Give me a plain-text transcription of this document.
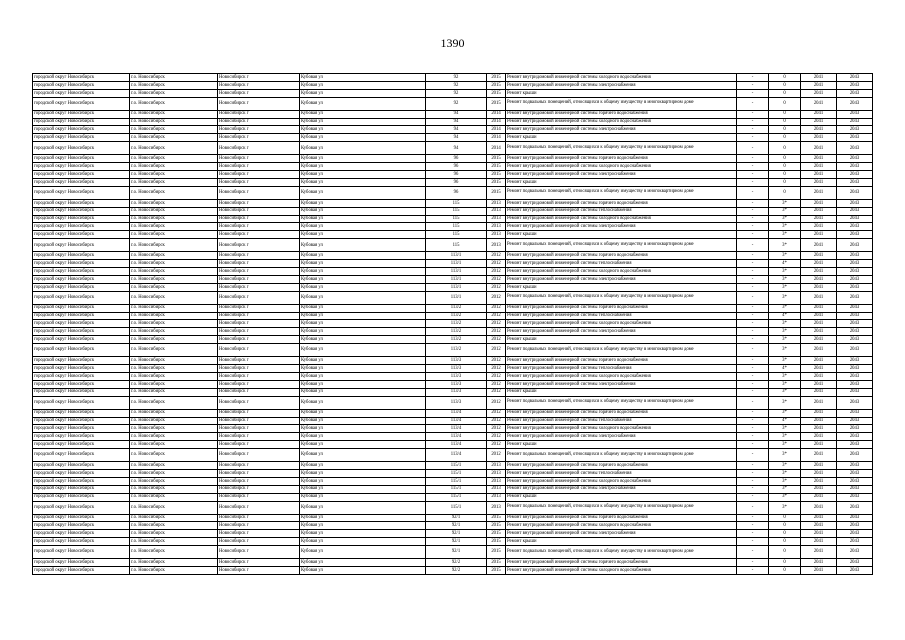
1390
городской округ Новосибирск	г.о. Новосибирск	Новосибирск г	Кубовая ул	92	2015	Ремонт внутридомовой инженерной системы холодного водоснабжения	-	0	2041	2043
городской округ Новосибирск	г.о. Новосибирск	Новосибирск г	Кубовая ул	92	2015	Ремонт внутридомовой инженерной системы электроснабжения	-	0	2041	2043
городской округ Новосибирск	г.о. Новосибирск	Новосибирск г	Кубовая ул	92	2015	Ремонт крыши	-	0	2041	2043
городской округ Новосибирск	г.о. Новосибирск	Новосибирск г	Кубовая ул	92	2015	Ремонт подвальных помещений, относящихся к общему имуществу в многоквартирном доме	-	0	2041	2043
городской округ Новосибирск	г.о. Новосибирск	Новосибирск г	Кубовая ул	94	2014	Ремонт внутридомовой инженерной системы горячего водоснабжения	-	0	2041	2043
городской округ Новосибирск	г.о. Новосибирск	Новосибирск г	Кубовая ул	94	2014	Ремонт внутридомовой инженерной системы холодного водоснабжения	-	0	2041	2043
городской округ Новосибирск	г.о. Новосибирск	Новосибирск г	Кубовая ул	94	2014	Ремонт внутридомовой инженерной системы электроснабжения	-	0	2041	2043
городской округ Новосибирск	г.о. Новосибирск	Новосибирск г	Кубовая ул	94	2014	Ремонт крыши	-	0	2041	2043
городской округ Новосибирск	г.о. Новосибирск	Новосибирск г	Кубовая ул	94	2014	Ремонт подвальных помещений, относящихся к общему имуществу в многоквартирном доме	-	0	2041	2043
городской округ Новосибирск	г.о. Новосибирск	Новосибирск г	Кубовая ул	96	2015	Ремонт внутридомовой инженерной системы горячего водоснабжения	-	0	2041	2043
городской округ Новосибирск	г.о. Новосибирск	Новосибирск г	Кубовая ул	96	2015	Ремонт внутридомовой инженерной системы холодного водоснабжения	-	0	2041	2043
городской округ Новосибирск	г.о. Новосибирск	Новосибирск г	Кубовая ул	96	2015	Ремонт внутридомовой инженерной системы электроснабжения	-	0	2041	2043
городской округ Новосибирск	г.о. Новосибирск	Новосибирск г	Кубовая ул	96	2015	Ремонт крыши	-	0	2041	2043
городской округ Новосибирск	г.о. Новосибирск	Новосибирск г	Кубовая ул	96	2015	Ремонт подвальных помещений, относящихся к общему имуществу в многоквартирном доме	-	0	2041	2043
городской округ Новосибирск	г.о. Новосибирск	Новосибирск г	Кубовая ул	115	2013	Ремонт внутридомовой инженерной системы горячего водоснабжения	-	3*	2041	2043
городской округ Новосибирск	г.о. Новосибирск	Новосибирск г	Кубовая ул	115	2013	Ремонт внутридомовой инженерной системы теплоснабжения	-	3*	2041	2043
городской округ Новосибирск	г.о. Новосибирск	Новосибирск г	Кубовая ул	115	2013	Ремонт внутридомовой инженерной системы холодного водоснабжения	-	3*	2041	2043
городской округ Новосибирск	г.о. Новосибирск	Новосибирск г	Кубовая ул	115	2013	Ремонт внутридомовой инженерной системы электроснабжения	-	3*	2041	2043
городской округ Новосибирск	г.о. Новосибирск	Новосибирск г	Кубовая ул	115	2013	Ремонт крыши	-	3*	2041	2043
городской округ Новосибирск	г.о. Новосибирск	Новосибирск г	Кубовая ул	115	2013	Ремонт подвальных помещений, относящихся к общему имуществу в многоквартирном доме	-	3*	2041	2043
городской округ Новосибирск	г.о. Новосибирск	Новосибирск г	Кубовая ул	113/1	2012	Ремонт внутридомовой инженерной системы горячего водоснабжения	-	3*	2041	2043
городской округ Новосибирск	г.о. Новосибирск	Новосибирск г	Кубовая ул	113/1	2012	Ремонт внутридомовой инженерной системы теплоснабжения	-	4*	2041	2043
городской округ Новосибирск	г.о. Новосибирск	Новосибирск г	Кубовая ул	113/1	2012	Ремонт внутридомовой инженерной системы холодного водоснабжения	-	3*	2041	2043
городской округ Новосибирск	г.о. Новосибирск	Новосибирск г	Кубовая ул	113/1	2012	Ремонт внутридомовой инженерной системы электроснабжения	-	3*	2041	2043
городской округ Новосибирск	г.о. Новосибирск	Новосибирск г	Кубовая ул	113/1	2012	Ремонт крыши	-	3*	2041	2043
городской округ Новосибирск	г.о. Новосибирск	Новосибирск г	Кубовая ул	113/1	2012	Ремонт подвальных помещений, относящихся к общему имуществу в многоквартирном доме	-	3*	2041	2043
городской округ Новосибирск	г.о. Новосибирск	Новосибирск г	Кубовая ул	113/2	2012	Ремонт внутридомовой инженерной системы горячего водоснабжения	-	3*	2041	2043
городской округ Новосибирск	г.о. Новосибирск	Новосибирск г	Кубовая ул	113/2	2012	Ремонт внутридомовой инженерной системы теплоснабжения	-	4*	2041	2043
городской округ Новосибирск	г.о. Новосибирск	Новосибирск г	Кубовая ул	113/2	2012	Ремонт внутридомовой инженерной системы холодного водоснабжения	-	3*	2041	2043
городской округ Новосибирск	г.о. Новосибирск	Новосибирск г	Кубовая ул	113/2	2012	Ремонт внутридомовой инженерной системы электроснабжения	-	3*	2041	2043
городской округ Новосибирск	г.о. Новосибирск	Новосибирск г	Кубовая ул	113/2	2012	Ремонт крыши	-	3*	2041	2043
городской округ Новосибирск	г.о. Новосибирск	Новосибирск г	Кубовая ул	113/2	2012	Ремонт подвальных помещений, относящихся к общему имуществу в многоквартирном доме	-	3*	2041	2043
городской округ Новосибирск	г.о. Новосибирск	Новосибирск г	Кубовая ул	113/3	2012	Ремонт внутридомовой инженерной системы горячего водоснабжения	-	3*	2041	2043
городской округ Новосибирск	г.о. Новосибирск	Новосибирск г	Кубовая ул	113/3	2012	Ремонт внутридомовой инженерной системы теплоснабжения	-	4*	2041	2043
городской округ Новосибирск	г.о. Новосибирск	Новосибирск г	Кубовая ул	113/3	2012	Ремонт внутридомовой инженерной системы холодного водоснабжения	-	3*	2041	2043
городской округ Новосибирск	г.о. Новосибирск	Новосибирск г	Кубовая ул	113/3	2012	Ремонт внутридомовой инженерной системы электроснабжения	-	3*	2041	2043
городской округ Новосибирск	г.о. Новосибирск	Новосибирск г	Кубовая ул	113/3	2012	Ремонт крыши	-	3*	2041	2043
городской округ Новосибирск	г.о. Новосибирск	Новосибирск г	Кубовая ул	113/3	2012	Ремонт подвальных помещений, относящихся к общему имуществу в многоквартирном доме	-	3*	2041	2043
городской округ Новосибирск	г.о. Новосибирск	Новосибирск г	Кубовая ул	113/4	2012	Ремонт внутридомовой инженерной системы горячего водоснабжения	-	3*	2041	2043
городской округ Новосибирск	г.о. Новосибирск	Новосибирск г	Кубовая ул	113/4	2012	Ремонт внутридомовой инженерной системы теплоснабжения	-	4*	2041	2043
городской округ Новосибирск	г.о. Новосибирск	Новосибирск г	Кубовая ул	113/4	2012	Ремонт внутридомовой инженерной системы холодного водоснабжения	-	3*	2041	2043
городской округ Новосибирск	г.о. Новосибирск	Новосибирск г	Кубовая ул	113/4	2012	Ремонт внутридомовой инженерной системы электроснабжения	-	3*	2041	2043
городской округ Новосибирск	г.о. Новосибирск	Новосибирск г	Кубовая ул	113/4	2012	Ремонт крыши	-	3*	2041	2043
городской округ Новосибирск	г.о. Новосибирск	Новосибирск г	Кубовая ул	113/4	2012	Ремонт подвальных помещений, относящихся к общему имуществу в многоквартирном доме	-	3*	2041	2043
городской округ Новосибирск	г.о. Новосибирск	Новосибирск г	Кубовая ул	115/1	2013	Ремонт внутридомовой инженерной системы горячего водоснабжения	-	3*	2041	2043
городской округ Новосибирск	г.о. Новосибирск	Новосибирск г	Кубовая ул	115/1	2013	Ремонт внутридомовой инженерной системы теплоснабжения	-	3*	2041	2043
городской округ Новосибирск	г.о. Новосибирск	Новосибирск г	Кубовая ул	115/1	2013	Ремонт внутридомовой инженерной системы холодного водоснабжения	-	3*	2041	2043
городской округ Новосибирск	г.о. Новосибирск	Новосибирск г	Кубовая ул	115/1	2013	Ремонт внутридомовой инженерной системы электроснабжения	-	3*	2041	2043
городской округ Новосибирск	г.о. Новосибирск	Новосибирск г	Кубовая ул	115/1	2013	Ремонт крыши	-	3*	2041	2043
городской округ Новосибирск	г.о. Новосибирск	Новосибирск г	Кубовая ул	115/1	2013	Ремонт подвальных помещений, относящихся к общему имуществу в многоквартирном доме	-	3*	2041	2043
городской округ Новосибирск	г.о. Новосибирск	Новосибирск г	Кубовая ул	92/1	2015	Ремонт внутридомовой инженерной системы горячего водоснабжения	-	0	2041	2043
городской округ Новосибирск	г.о. Новосибирск	Новосибирск г	Кубовая ул	92/1	2015	Ремонт внутридомовой инженерной системы холодного водоснабжения	-	0	2041	2043
городской округ Новосибирск	г.о. Новосибирск	Новосибирск г	Кубовая ул	92/1	2015	Ремонт внутридомовой инженерной системы электроснабжения	-	0	2041	2043
городской округ Новосибирск	г.о. Новосибирск	Новосибирск г	Кубовая ул	92/1	2015	Ремонт крыши	-	0	2041	2043
городской округ Новосибирск	г.о. Новосибирск	Новосибирск г	Кубовая ул	92/1	2015	Ремонт подвальных помещений, относящихся к общему имуществу в многоквартирном доме	-	0	2041	2043
городской округ Новосибирск	г.о. Новосибирск	Новосибирск г	Кубовая ул	92/2	2015	Ремонт внутридомовой инженерной системы горячего водоснабжения	-	0	2041	2043
городской округ Новосибирск	г.о. Новосибирск	Новосибирск г	Кубовая ул	92/2	2015	Ремонт внутридомовой инженерной системы холодного водоснабжения	-	0	2041	2043
